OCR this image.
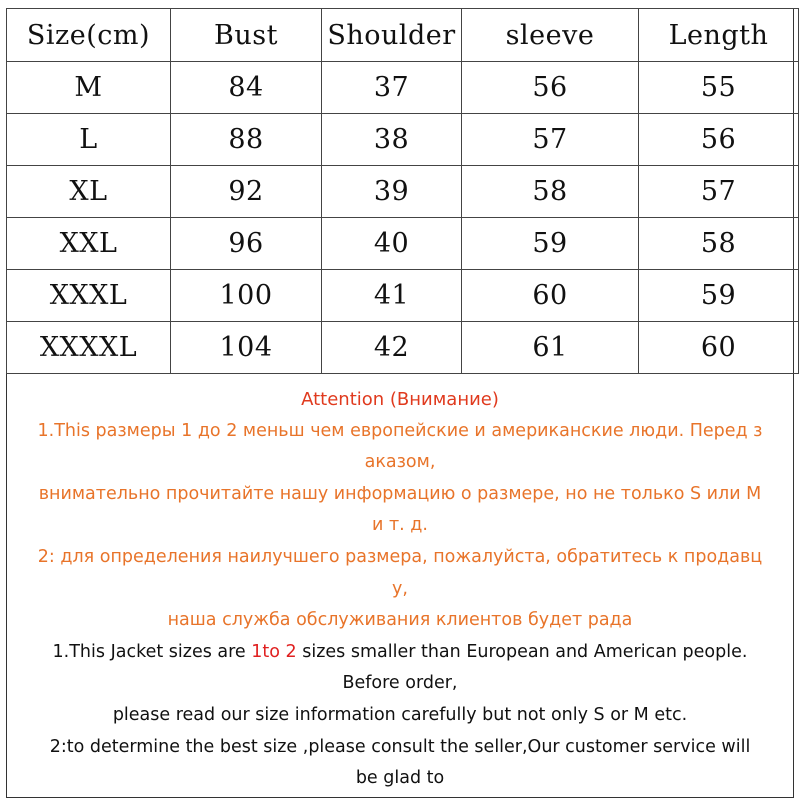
Size(cm)	Bust	Shoulder	sleeve	Length
M	84	37	56	55
L	88	38	57	56
XL	92	39	58	57
XXL	96	40	59	58
XXXL	100	41	60	59
XXXXL	104	42	61	60
Attention (Внимание)
1.This размеры 1 до 2 меньш чем европейские и американские люди. Перед з
аказом,
внимательно прочитайте нашу информацию о размере, но не только S или M
и т. д.
2: для определения наилучшего размера, пожалуйста, обратитесь к продавц
у,
наша служба обслуживания клиентов будет рада
1.This Jacket sizes are 1to 2 sizes smaller than European and American people.
Before order,
please read our size information carefully but not only S or M etc.
2:to determine the best size ,please consult the seller,Our customer service will
be glad to
